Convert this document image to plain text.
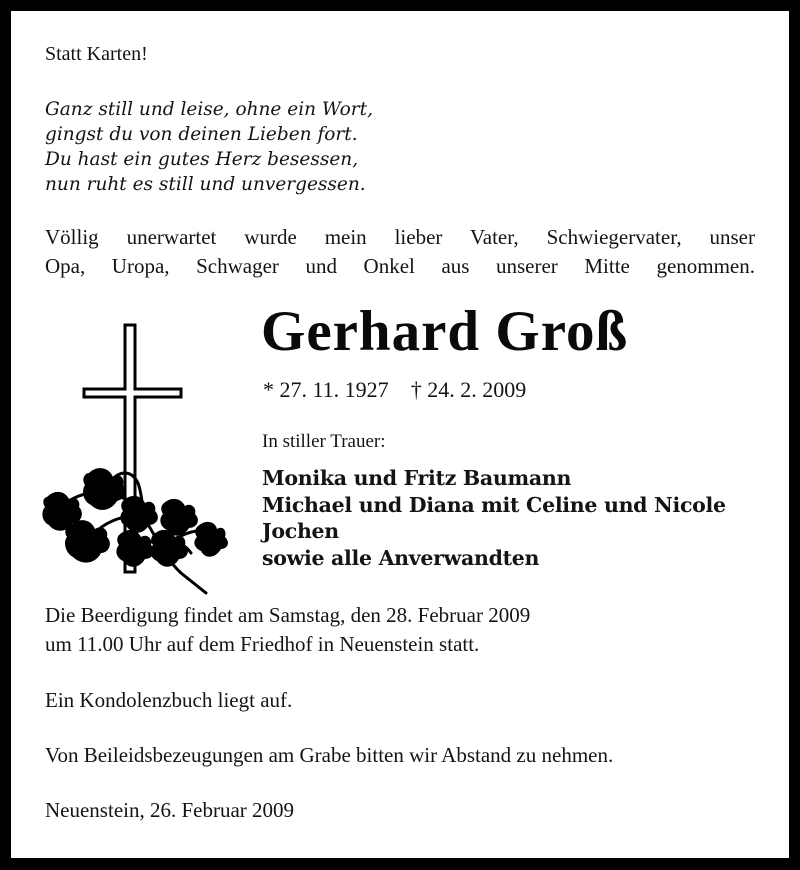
Statt Karten!
Ganz still und leise, ohne ein Wort,
gingst du von deinen Lieben fort.
Du hast ein gutes Herz besessen,
nun ruht es still und unvergessen.
Völlig unerwartet wurde mein lieber Vater, Schwiegervater, unser
Opa, Uropa, Schwager und Onkel aus unserer Mitte genommen.
Gerhard Groß
* 27. 11. 1927 † 24. 2. 2009
In stiller Trauer:
Monika und Fritz Baumann
Michael und Diana mit Celine und Nicole
Jochen
sowie alle Anverwandten
Die Beerdigung findet am Samstag, den 28. Februar 2009
um 11.00 Uhr auf dem Friedhof in Neuenstein statt.
Ein Kondolenzbuch liegt auf.
Von Beileidsbezeugungen am Grabe bitten wir Abstand zu nehmen.
Neuenstein, 26. Februar 2009
